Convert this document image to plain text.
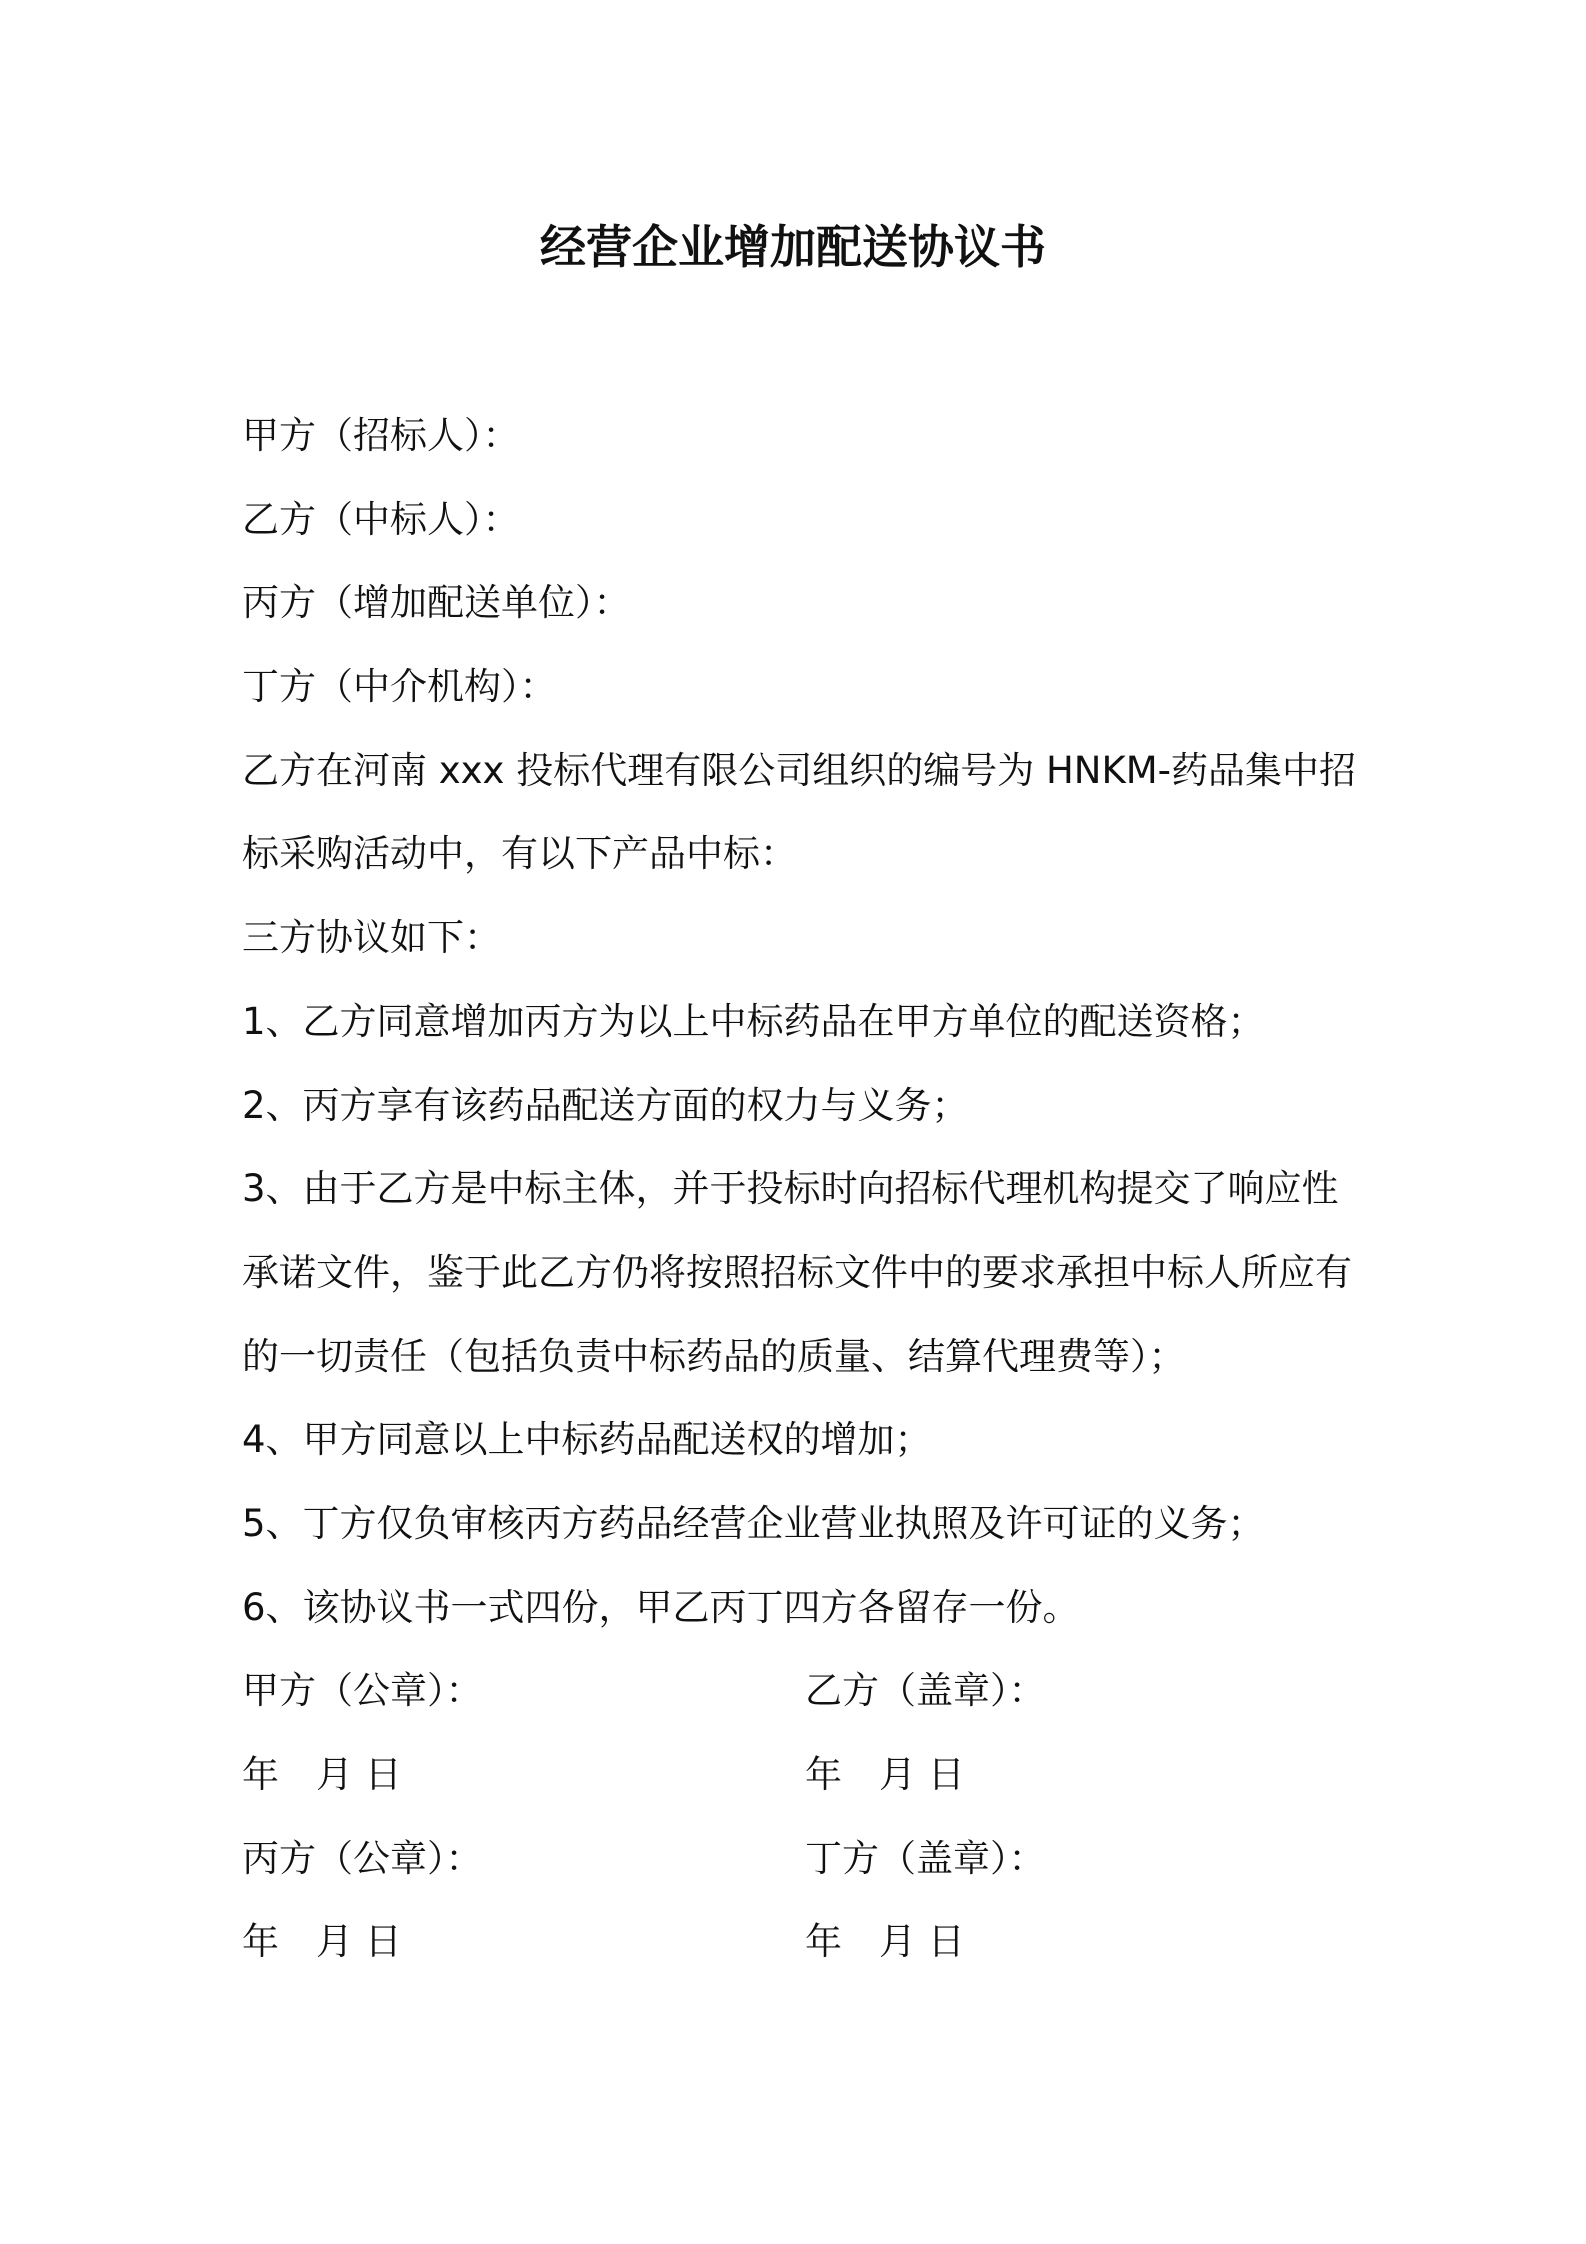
经营企业增加配送协议书
甲方（招标人）：
乙方（中标人）：
丙方（增加配送单位）：
丁方（中介机构）：
乙方在河南 xxx 投标代理有限公司组织的编号为 HNKM-药品集中招
标采购活动中，有以下产品中标：
三方协议如下：
1、乙方同意增加丙方为以上中标药品在甲方单位的配送资格；
2、丙方享有该药品配送方面的权力与义务；
3、由于乙方是中标主体，并于投标时向招标代理机构提交了响应性
承诺文件，鉴于此乙方仍将按照招标文件中的要求承担中标人所应有
的一切责任（包括负责中标药品的质量、结算代理费等）；
4、甲方同意以上中标药品配送权的增加；
5、丁方仅负审核丙方药品经营企业营业执照及许可证的义务；
6、该协议书一式四份，甲乙丙丁四方各留存一份。
甲方（公章）：	乙方（盖章）：
年　月 日	年　月 日
丙方（公章）：	丁方（盖章）：
年　月 日	年　月 日
